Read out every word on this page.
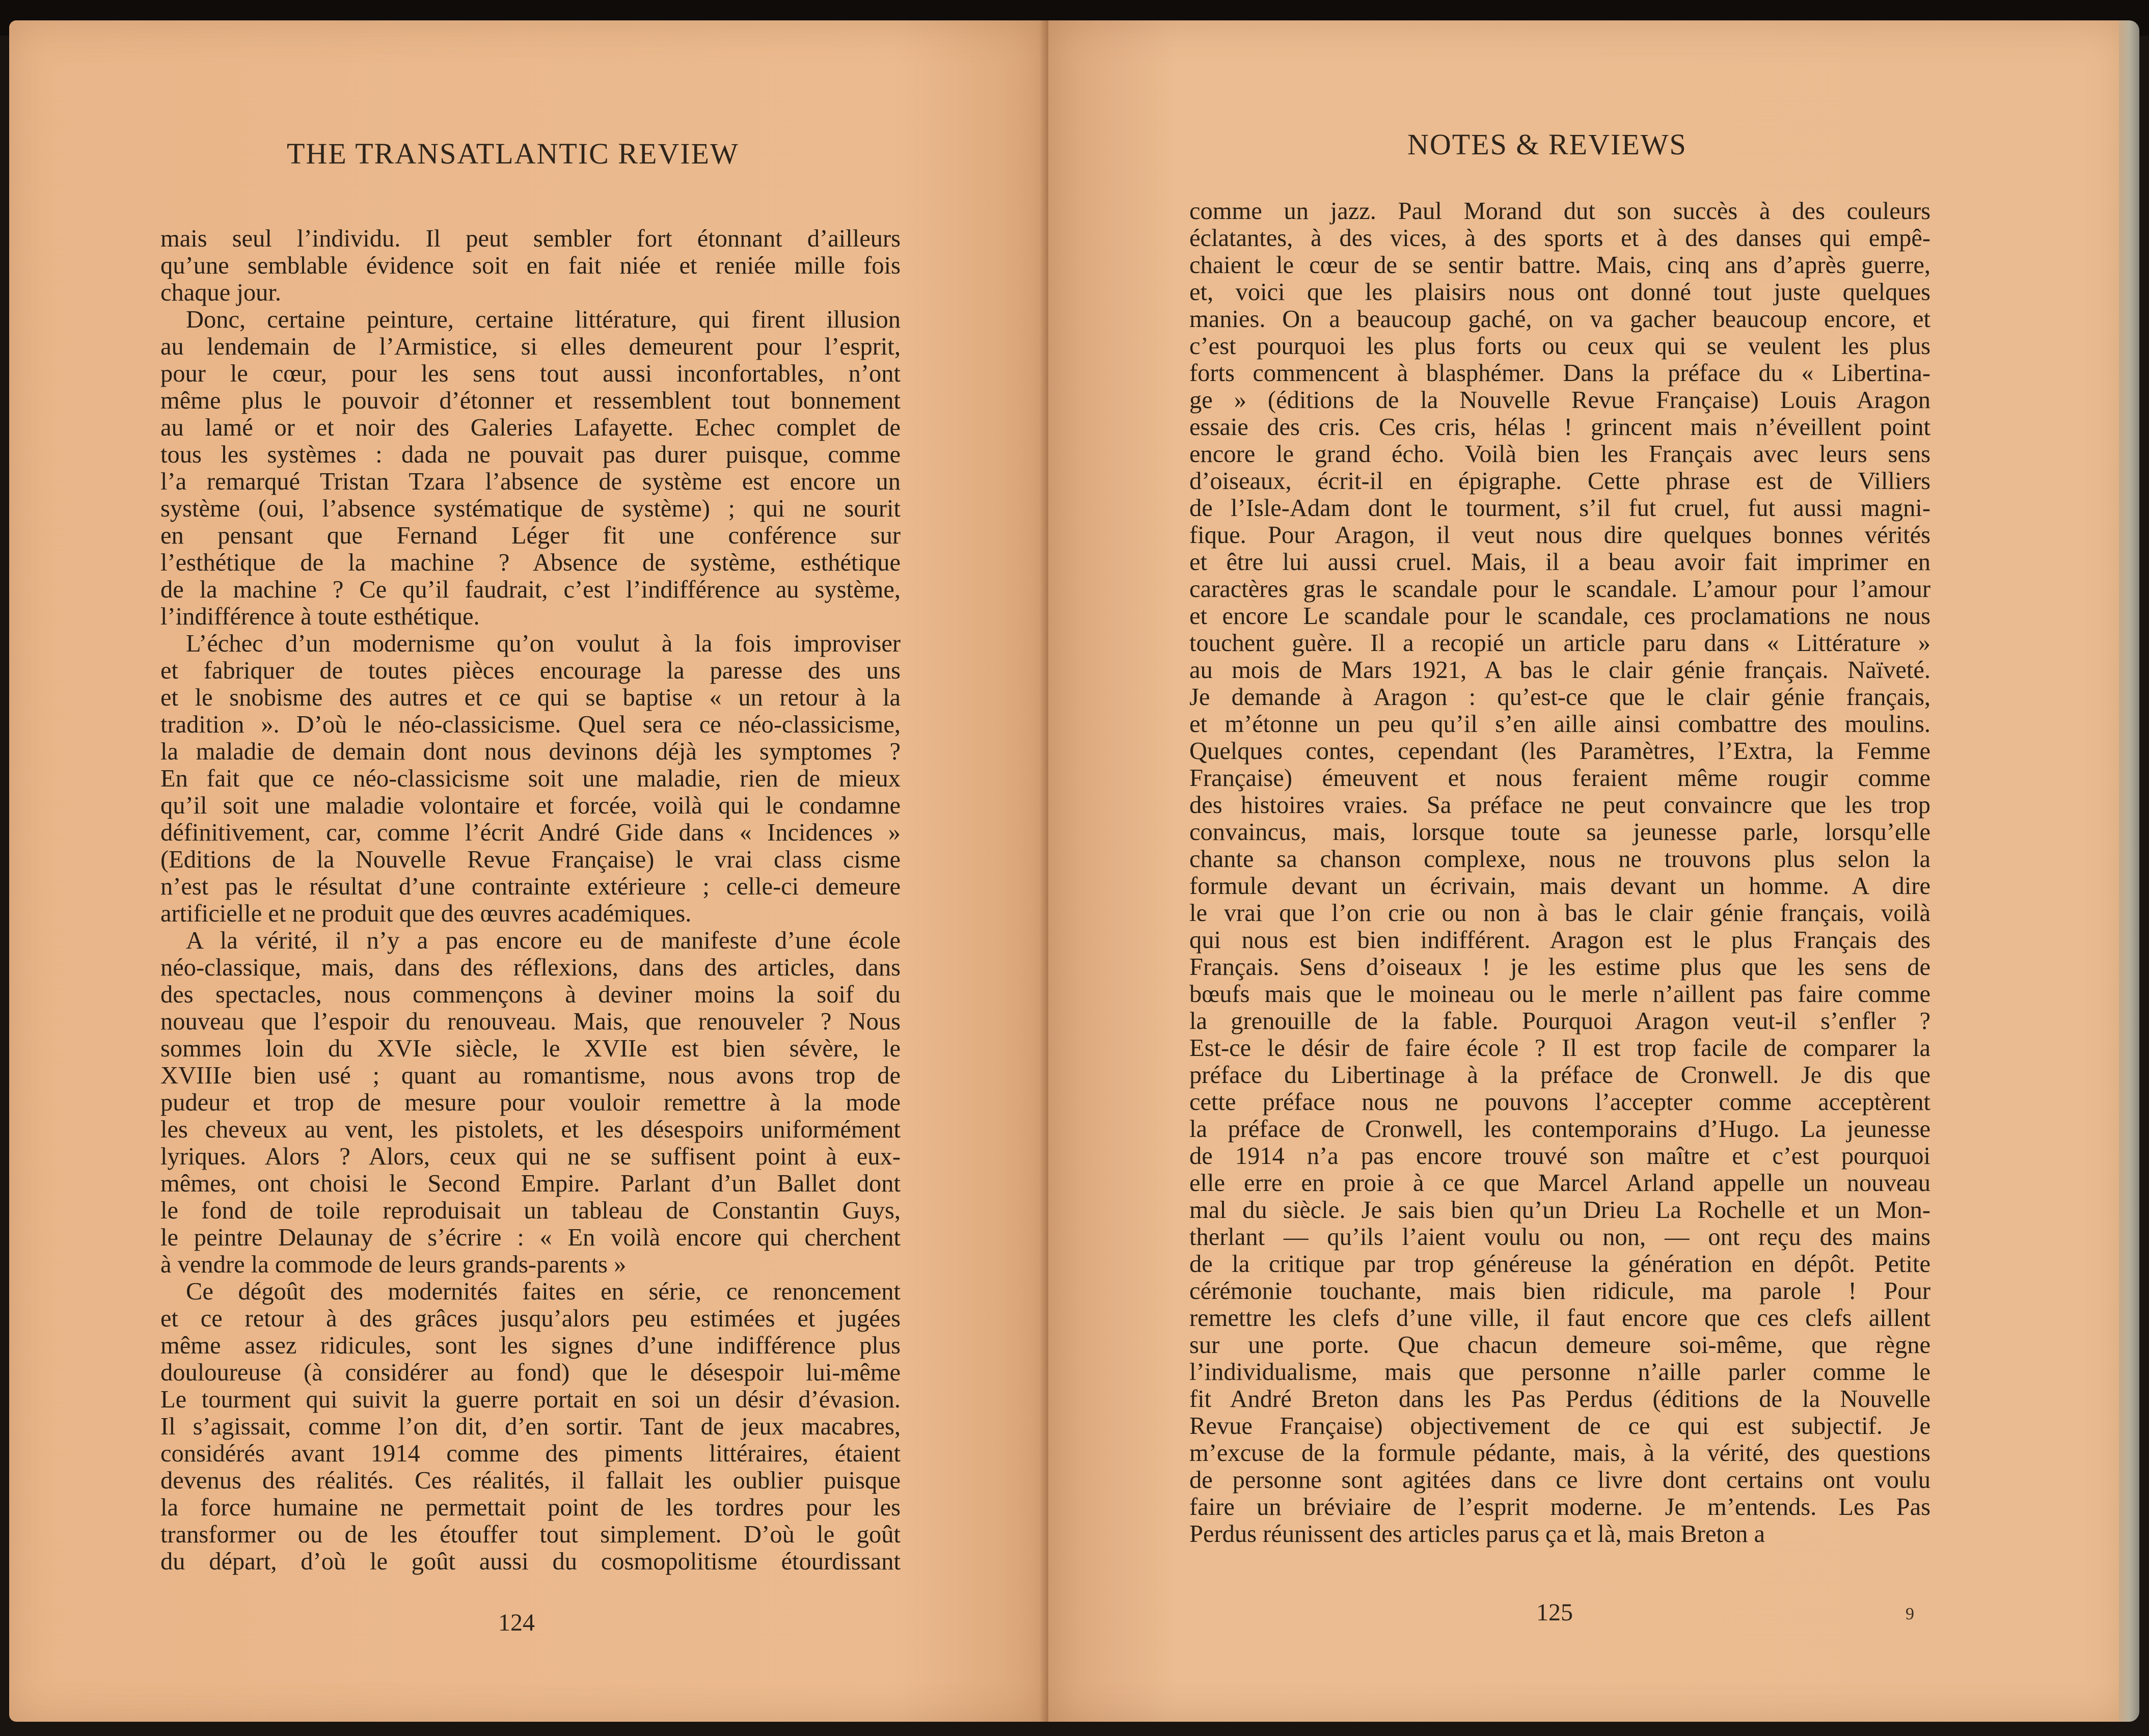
THE TRANSATLANTIC REVIEW
mais seul l’individu. Il peut sembler fort étonnant d’ailleurs
qu’une semblable évidence soit en fait niée et reniée mille fois
chaque jour.
Donc, certaine peinture, certaine littérature, qui firent illusion
au lendemain de l’Armistice, si elles demeurent pour l’esprit,
pour le cœur, pour les sens tout aussi inconfortables, n’ont
même plus le pouvoir d’étonner et ressemblent tout bonnement
au lamé or et noir des Galeries Lafayette. Echec complet de
tous les systèmes : dada ne pouvait pas durer puisque, comme
l’a remarqué Tristan Tzara l’absence de système est encore un
système (oui, l’absence systématique de système) ; qui ne sourit
en pensant que Fernand Léger fit une conférence sur
l’esthétique de la machine ? Absence de système, esthétique
de la machine ? Ce qu’il faudrait, c’est l’indifférence au système,
l’indifférence à toute esthétique.
L’échec d’un modernisme qu’on voulut à la fois improviser
et fabriquer de toutes pièces encourage la paresse des uns
et le snobisme des autres et ce qui se baptise « un retour à la
tradition ». D’où le néo-classicisme. Quel sera ce néo-classicisme,
la maladie de demain dont nous devinons déjà les symptomes ?
En fait que ce néo-classicisme soit une maladie, rien de mieux
qu’il soit une maladie volontaire et forcée, voilà qui le condamne
définitivement, car, comme l’écrit André Gide dans « Incidences »
(Editions de la Nouvelle Revue Française) le vrai class cisme
n’est pas le résultat d’une contrainte extérieure ; celle-ci demeure
artificielle et ne produit que des œuvres académiques.
A la vérité, il n’y a pas encore eu de manifeste d’une école
néo-classique, mais, dans des réflexions, dans des articles, dans
des spectacles, nous commençons à deviner moins la soif du
nouveau que l’espoir du renouveau. Mais, que renouveler ? Nous
sommes loin du XVIe siècle, le XVIIe est bien sévère, le
XVIIIe bien usé ; quant au romantisme, nous avons trop de
pudeur et trop de mesure pour vouloir remettre à la mode
les cheveux au vent, les pistolets, et les désespoirs uniformément
lyriques. Alors ? Alors, ceux qui ne se suffisent point à eux-
mêmes, ont choisi le Second Empire. Parlant d’un Ballet dont
le fond de toile reproduisait un tableau de Constantin Guys,
le peintre Delaunay de s’écrire : « En voilà encore qui cherchent
à vendre la commode de leurs grands-parents »
Ce dégoût des modernités faites en série, ce renoncement
et ce retour à des grâces jusqu’alors peu estimées et jugées
même assez ridicules, sont les signes d’une indifférence plus
douloureuse (à considérer au fond) que le désespoir lui-même
Le tourment qui suivit la guerre portait en soi un désir d’évasion.
Il s’agissait, comme l’on dit, d’en sortir. Tant de jeux macabres,
considérés avant 1914 comme des piments littéraires, étaient
devenus des réalités. Ces réalités, il fallait les oublier puisque
la force humaine ne permettait point de les tordres pour les
transformer ou de les étouffer tout simplement. D’où le goût
du départ, d’où le goût aussi du cosmopolitisme étourdissant
124
NOTES & REVIEWS
comme un jazz. Paul Morand dut son succès à des couleurs
éclatantes, à des vices, à des sports et à des danses qui empê-
chaient le cœur de se sentir battre. Mais, cinq ans d’après guerre,
et, voici que les plaisirs nous ont donné tout juste quelques
manies. On a beaucoup gaché, on va gacher beaucoup encore, et
c’est pourquoi les plus forts ou ceux qui se veulent les plus
forts commencent à blasphémer. Dans la préface du « Libertina-
ge » (éditions de la Nouvelle Revue Française) Louis Aragon
essaie des cris. Ces cris, hélas ! grincent mais n’éveillent point
encore le grand écho. Voilà bien les Français avec leurs sens
d’oiseaux, écrit-il en épigraphe. Cette phrase est de Villiers
de l’Isle-Adam dont le tourment, s’il fut cruel, fut aussi magni-
fique. Pour Aragon, il veut nous dire quelques bonnes vérités
et être lui aussi cruel. Mais, il a beau avoir fait imprimer en
caractères gras le scandale pour le scandale. L’amour pour l’amour
et encore Le scandale pour le scandale, ces proclamations ne nous
touchent guère. Il a recopié un article paru dans « Littérature »
au mois de Mars 1921, A bas le clair génie français. Naïveté.
Je demande à Aragon : qu’est-ce que le clair génie français,
et m’étonne un peu qu’il s’en aille ainsi combattre des moulins.
Quelques contes, cependant (les Paramètres, l’Extra, la Femme
Française) émeuvent et nous feraient même rougir comme
des histoires vraies. Sa préface ne peut convaincre que les trop
convaincus, mais, lorsque toute sa jeunesse parle, lorsqu’elle
chante sa chanson complexe, nous ne trouvons plus selon la
formule devant un écrivain, mais devant un homme. A dire
le vrai que l’on crie ou non à bas le clair génie français, voilà
qui nous est bien indifférent. Aragon est le plus Français des
Français. Sens d’oiseaux ! je les estime plus que les sens de
bœufs mais que le moineau ou le merle n’aillent pas faire comme
la grenouille de la fable. Pourquoi Aragon veut-il s’enfler ?
Est-ce le désir de faire école ? Il est trop facile de comparer la
préface du Libertinage à la préface de Cronwell. Je dis que
cette préface nous ne pouvons l’accepter comme acceptèrent
la préface de Cronwell, les contemporains d’Hugo. La jeunesse
de 1914 n’a pas encore trouvé son maître et c’est pourquoi
elle erre en proie à ce que Marcel Arland appelle un nouveau
mal du siècle. Je sais bien qu’un Drieu La Rochelle et un Mon-
therlant — qu’ils l’aient voulu ou non, — ont reçu des mains
de la critique par trop généreuse la génération en dépôt. Petite
cérémonie touchante, mais bien ridicule, ma parole ! Pour
remettre les clefs d’une ville, il faut encore que ces clefs aillent
sur une porte. Que chacun demeure soi-même, que règne
l’individualisme, mais que personne n’aille parler comme le
fit André Breton dans les Pas Perdus (éditions de la Nouvelle
Revue Française) objectivement de ce qui est subjectif. Je
m’excuse de la formule pédante, mais, à la vérité, des questions
de personne sont agitées dans ce livre dont certains ont voulu
faire un bréviaire de l’esprit moderne. Je m’entends. Les Pas
Perdus réunissent des articles parus ça et là, mais Breton a
125	9
